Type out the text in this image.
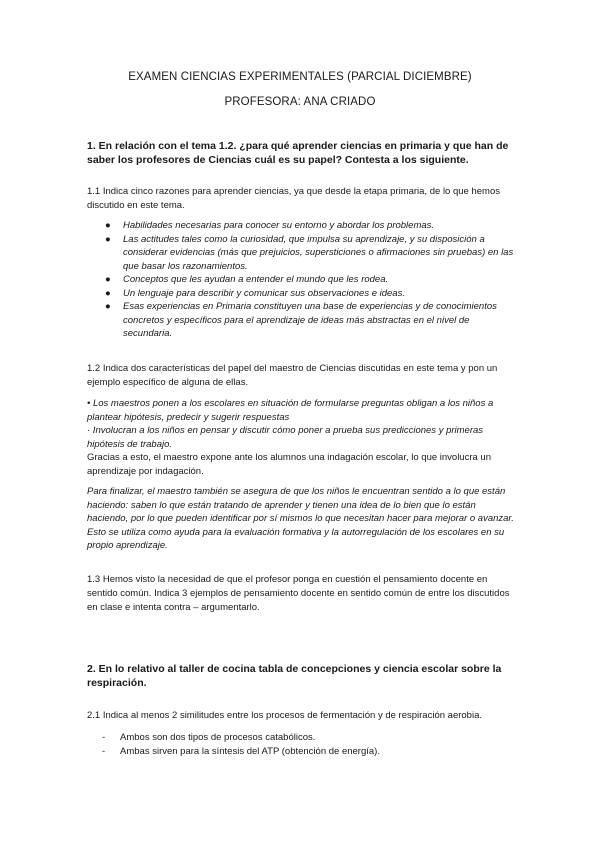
EXAMEN CIENCIAS EXPERIMENTALES (PARCIAL DICIEMBRE)
PROFESORA: ANA CRIADO
1. En relación con el tema 1.2. ¿para qué aprender ciencias en primaria y que han de saber los profesores de Ciencias cuál es su papel? Contesta a los siguiente.
1.1 Indica cinco razones para aprender ciencias, ya que desde la etapa primaria, de lo que hemos discutido en este tema.
● Habilidades necesarias para conocer su entorno y abordar los problemas.
● Las actitudes tales como la curiosidad, que impulsa su aprendizaje, y su disposición a considerar evidencias (más que prejuicios, supersticiones o afirmaciones sin pruebas) en las que basar los razonamientos.
● Conceptos que les ayudan a entender el mundo que les rodea.
● Un lenguaje para describir y comunicar sus observaciones e ideas.
● Esas experiencias en Primaria constituyen una base de experiencias y de conocimientos concretos y específicos para el aprendizaje de ideas más abstractas en el nivel de secundaria.
1.2 Indica dos características del papel del maestro de Ciencias discutidas en este tema y pon un ejemplo específico de alguna de ellas.
• Los maestros ponen a los escolares en situación de formularse preguntas obligan a los niños a plantear hipótesis, predecir y sugerir respuestas
· Involucran a los niños en pensar y discutir cómo poner a prueba sus predicciones y primeras hipótesis de trabajo.
Gracias a esto, el maestro expone ante los alumnos una indagación escolar, lo que involucra un aprendizaje por indagación.
Para finalizar, el maestro también se asegura de que los niños le encuentran sentido a lo que están haciendo: saben lo que están tratando de aprender y tienen una idea de lo bien que lo están haciendo, por lo que pueden identificar por sí mismos lo que necesitan hacer para mejorar o avanzar. Esto se utiliza como ayuda para la evaluación formativa y la autorregulación de los escolares en su propio aprendizaje.
1.3 Hemos visto la necesidad de que el profesor ponga en cuestión el pensamiento docente en sentido común. Indica 3 ejemplos de pensamiento docente en sentido común de entre los discutidos en clase e intenta contra – argumentarlo.
2. En lo relativo al taller de cocina tabla de concepciones y ciencia escolar sobre la respiración.
2.1 Indica al menos 2 similitudes entre los procesos de fermentación y de respiración aerobia.
- Ambos son dos tipos de procesos catabólicos.
- Ambas sirven para la síntesis del ATP (obtención de energía).
